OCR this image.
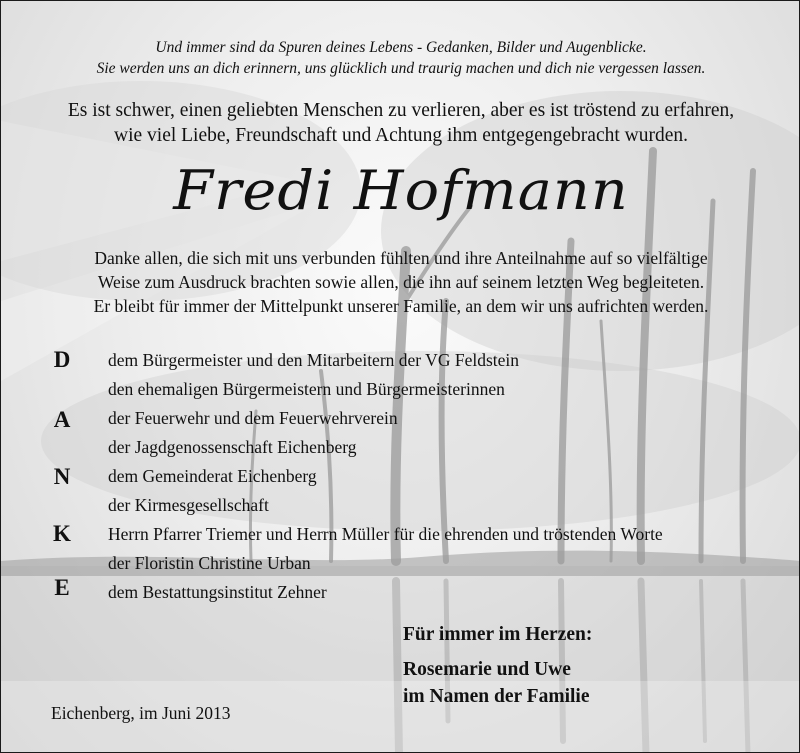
Und immer sind da Spuren deines Lebens - Gedanken, Bilder und Augenblicke.
Sie werden uns an dich erinnern, uns glücklich und traurig machen und dich nie vergessen lassen.
Es ist schwer, einen geliebten Menschen zu verlieren, aber es ist tröstend zu erfahren,
wie viel Liebe, Freundschaft und Achtung ihm entgegengebracht wurden.
Fredi Hofmann
Danke allen, die sich mit uns verbunden fühlten und ihre Anteilnahme auf so vielfältige
Weise zum Ausdruck brachten sowie allen, die ihn auf seinem letzten Weg begleiteten.
Er bleibt für immer der Mittelpunkt unserer Familie, an dem wir uns aufrichten werden.
D
A
N
K
E
dem Bürgermeister und den Mitarbeitern der VG Feldstein
den ehemaligen Bürgermeistern und Bürgermeisterinnen
der Feuerwehr und dem Feuerwehrverein
der Jagdgenossenschaft Eichenberg
dem Gemeinderat Eichenberg
der Kirmesgesellschaft
Herrn Pfarrer Triemer und Herrn Müller für die ehrenden und tröstenden Worte
der Floristin Christine Urban
dem Bestattungsinstitut Zehner
Für immer im Herzen:
Rosemarie und Uwe
im Namen der Familie
Eichenberg, im Juni 2013
